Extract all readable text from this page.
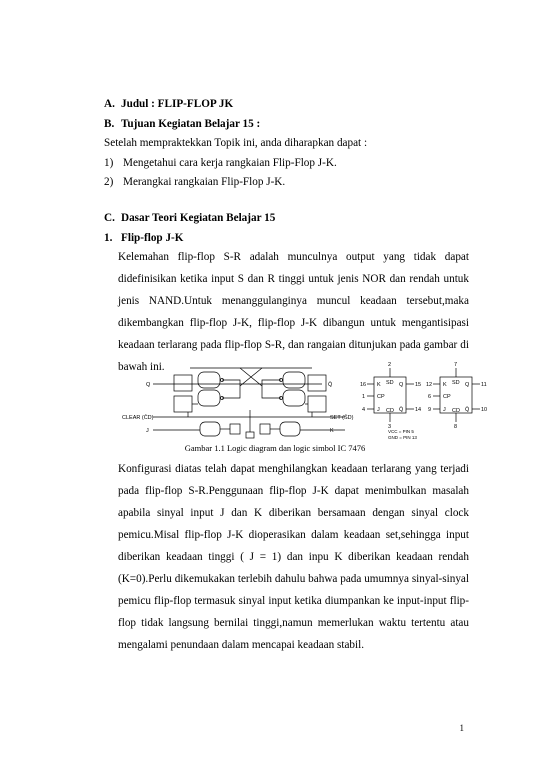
A. Judul : FLIP-FLOP JK
B. Tujuan Kegiatan Belajar 15 :
Setelah mempraktekkan Topik ini, anda diharapkan dapat :
1) Mengetahui cara kerja rangkaian Flip-Flop J-K.
2) Merangkai rangkaian Flip-Flop J-K.
C. Dasar Teori Kegiatan Belajar 15
1. Flip-flop J-K
Kelemahan flip-flop S-R adalah munculnya output yang tidak dapat
didefinisikan ketika input S dan R tinggi untuk jenis NOR dan rendah untuk
jenis NAND.Untuk menanggulanginya muncul keadaan tersebut,maka
dikembangkan flip-flop J-K, flip-flop J-K dibangun untuk mengantisipasi
keadaan terlarang pada flip-flop S-R, dan rangaian ditunjukan pada gambar di
bawah ini.
Q	Q̄
CLEAR (C̄D)	SET (S̄D)
J	K
2
16	15
1
4	14
3
K SD Q
CP
J CD Q̄
7
12	11
6
9	10
8
K SD Q
CP
J CD Q̄
VCC = PIN 5
GND = PIN 13
Gambar 1.1 Logic diagram dan logic simbol IC 7476
Konfigurasi diatas telah dapat menghilangkan keadaan terlarang yang terjadi
pada flip-flop S-R.Penggunaan flip-flop J-K dapat menimbulkan masalah
apabila sinyal input J dan K diberikan bersamaan dengan sinyal clock
pemicu.Misal flip-flop J-K dioperasikan dalam keadaan set,sehingga input
diberikan keadaan tinggi ( J = 1) dan inpu K diberikan keadaan rendah
(K=0).Perlu dikemukakan terlebih dahulu bahwa pada umumnya sinyal-sinyal
pemicu flip-flop termasuk sinyal input ketika diumpankan ke input-input flip-
flop tidak langsung bernilai tinggi,namun memerlukan waktu tertentu atau
mengalami penundaan dalam mencapai keadaan stabil.
1
